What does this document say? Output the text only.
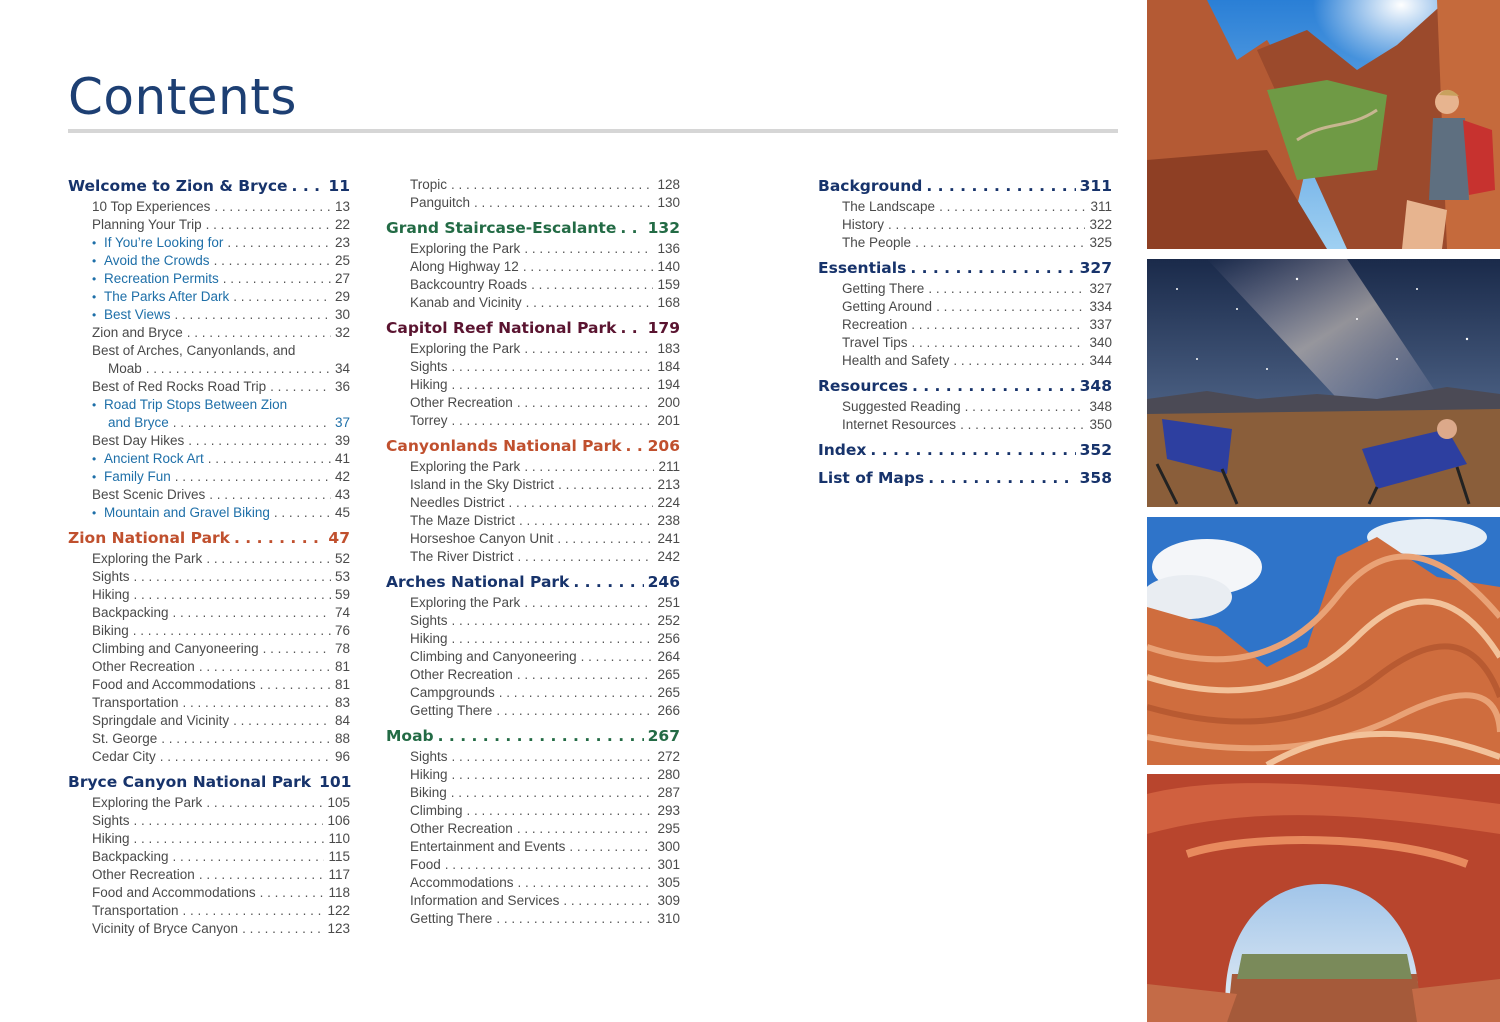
Contents
Welcome to Zion & Bryce . . .	11
10 Top Experiences . . .	13
Planning Your Trip . . .	22
• If You’re Looking for . . .	23
• Avoid the Crowds . . .	25
• Recreation Permits . . .	27
• The Parks After Dark . . .	29
• Best Views . . .	30
Zion and Bryce . . .	32
Best of Arches, Canyonlands, and
Moab . . .	34
Best of Red Rocks Road Trip . . .	36
• Road Trip Stops Between Zion
and Bryce . . .	37
Best Day Hikes . . .	39
• Ancient Rock Art . . .	41
• Family Fun . . .	42
Best Scenic Drives . . .	43
• Mountain and Gravel Biking . . .	45
Zion National Park . . .	47
Exploring the Park . . .	52
Sights . . .	53
Hiking . . .	59
Backpacking . . .	74
Biking . . .	76
Climbing and Canyoneering . . .	78
Other Recreation . . .	81
Food and Accommodations . . .	81
Transportation . . .	83
Springdale and Vicinity . . .	84
St. George . . .	88
Cedar City . . .	96
Bryce Canyon National Park 101
Exploring the Park . . .	105
Sights . . .	106
Hiking . . .	110
Backpacking . . .	115
Other Recreation . . .	117
Food and Accommodations . . .	118
Transportation . . .	122
Vicinity of Bryce Canyon . . .	123
Tropic . . .	128
Panguitch . . .	130
Grand Staircase-Escalante . . . 132
Exploring the Park . . .	136
Along Highway 12 . . .	140
Backcountry Roads . . .	159
Kanab and Vicinity . . .	168
Capitol Reef National Park . . . 179
Exploring the Park . . .	183
Sights . . .	184
Hiking . . .	194
Other Recreation . . .	200
Torrey . . .	201
Canyonlands National Park . . . 206
Exploring the Park . . .	211
Island in the Sky District . . .	213
Needles District . . .	224
The Maze District . . .	238
Horseshoe Canyon Unit . . .	241
The River District . . .	242
Arches National Park . . .	246
Exploring the Park . . .	251
Sights . . .	252
Hiking . . .	256
Climbing and Canyoneering . . .	264
Other Recreation . . .	265
Campgrounds . . .	265
Getting There . . .	266
Moab . . .	267
Sights . . .	272
Hiking . . .	280
Biking . . .	287
Climbing . . .	293
Other Recreation . . .	295
Entertainment and Events . . .	300
Food . . .	301
Accommodations . . .	305
Information and Services . . .	309
Getting There . . .	310
Background . . .	311
The Landscape . . .	311
History . . .	322
The People . . .	325
Essentials . . .	327
Getting There . . .	327
Getting Around . . .	334
Recreation . . .	337
Travel Tips . . .	340
Health and Safety . . .	344
Resources . . .	348
Suggested Reading . . .	348
Internet Resources . . .	350
Index . . .	352
List of Maps . . .	358
